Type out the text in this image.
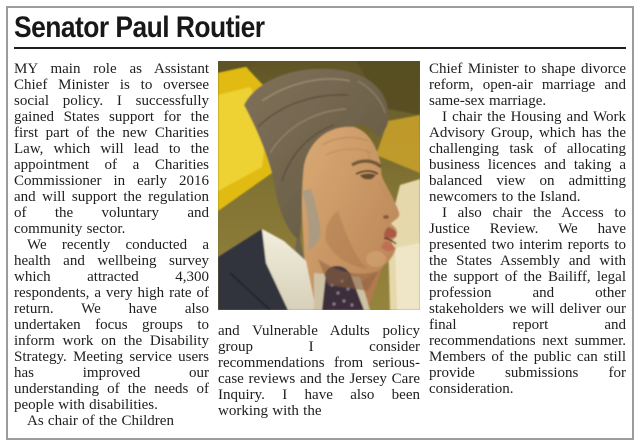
Senator Paul Routier

MY main role as Assistant Chief Minister is to oversee social policy. I successfully gained States support for the first part of the new Charities Law, which will lead to the appointment of a Charities Commissioner in early 2016 and will support the regulation of the voluntary and community sector.

We recently conducted a health and wellbeing survey which attracted 4,300 respondents, a very high rate of return. We have also undertaken focus groups to inform work on the Disability Strategy. Meeting service users has improved our understanding of the needs of people with disabilities.

As chair of the Children

and Vulnerable Adults policy group I consider recommendations from serious-case reviews and the Jersey Care Inquiry. I have also been working with the

Chief Minister to shape divorce reform, open-air marriage and same-sex marriage.

I chair the Housing and Work Advisory Group, which has the challenging task of allocating business licences and taking a balanced view on admitting newcomers to the Island.

I also chair the Access to Justice Review. We have presented two interim reports to the States Assembly and with the support of the Bailiff, legal profession and other stakeholders we will deliver our final report and recommendations next summer. Members of the public can still provide submissions for consideration.
